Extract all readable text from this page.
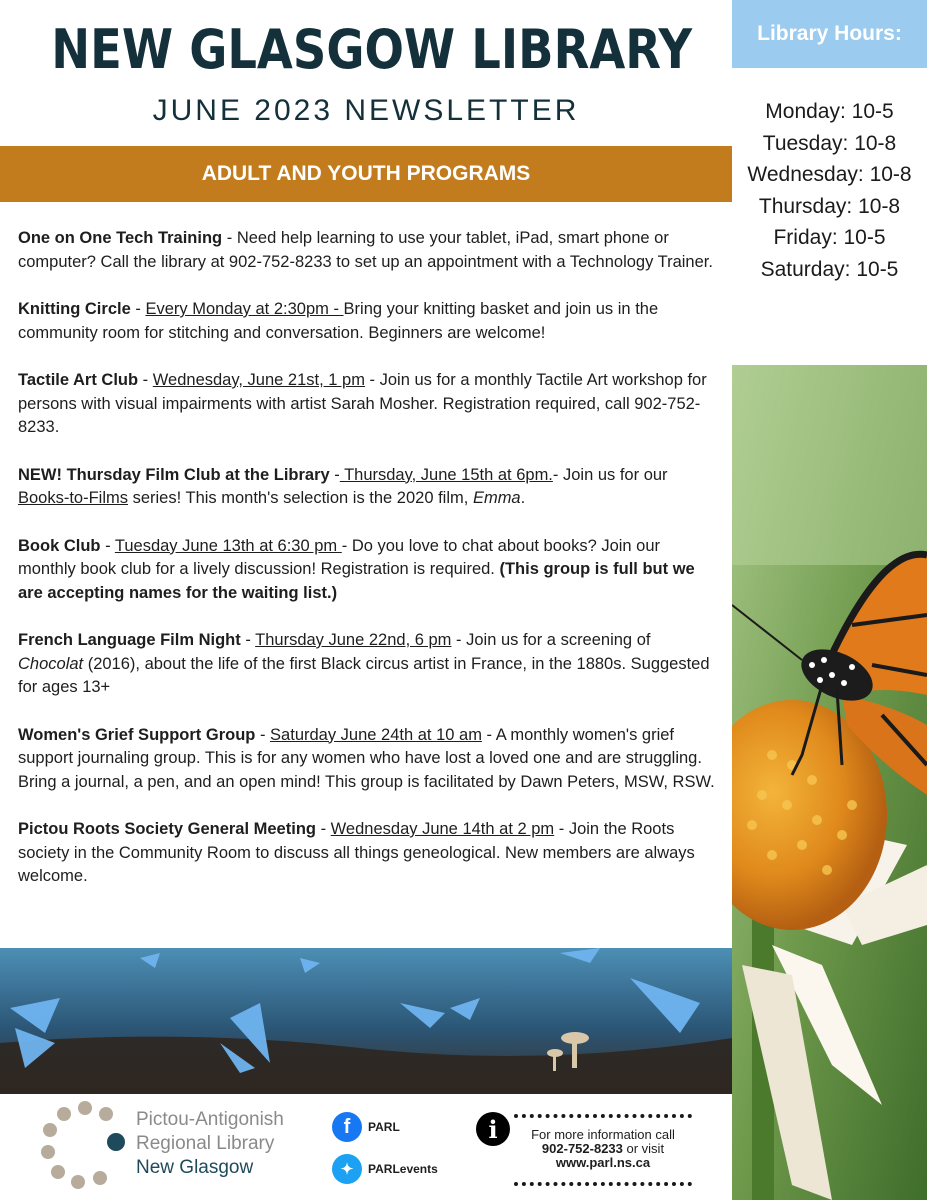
NEW GLASGOW LIBRARY
JUNE 2023 NEWSLETTER
ADULT AND YOUTH PROGRAMS
Library Hours:
Monday: 10-5
Tuesday: 10-8
Wednesday: 10-8
Thursday: 10-8
Friday: 10-5
Saturday: 10-5

One on One Tech Training - Need help learning to use your tablet, iPad, smart phone or computer? Call the library at 902-752-8233 to set up an appointment with a Technology Trainer.

Knitting Circle - Every Monday at 2:30pm - Bring your knitting basket and join us in the community room for stitching and conversation. Beginners are welcome!

Tactile Art Club - Wednesday, June 21st, 1 pm - Join us for a monthly Tactile Art workshop for persons with visual impairments with artist Sarah Mosher. Registration required, call 902-752-8233.

NEW! Thursday Film Club at the Library - Thursday, June 15th at 6pm.- Join us for our Books-to-Films series! This month's selection is the 2020 film, Emma.

Book Club - Tuesday June 13th at 6:30 pm - Do you love to chat about books? Join our monthly book club for a lively discussion! Registration is required. (This group is full but we are accepting names for the waiting list.)

French Language Film Night - Thursday June 22nd, 6 pm - Join us for a screening of Chocolat (2016), about the life of the first Black circus artist in France, in the 1880s. Suggested for ages 13+

Women's Grief Support Group - Saturday June 24th at 10 am - A monthly women's grief support journaling group. This is for any women who have lost a loved one and are struggling. Bring a journal, a pen, and an open mind! This group is facilitated by Dawn Peters, MSW, RSW.

Pictou Roots Society General Meeting - Wednesday June 14th at 2 pm - Join the Roots society in the Community Room to discuss all things geneological. New members are always welcome.

Pictou-Antigonish
Regional Library
New Glasgow
f	PARL
✦	PARLevents
i	For more information call
902-752-8233 or visit
www.parl.ns.ca
